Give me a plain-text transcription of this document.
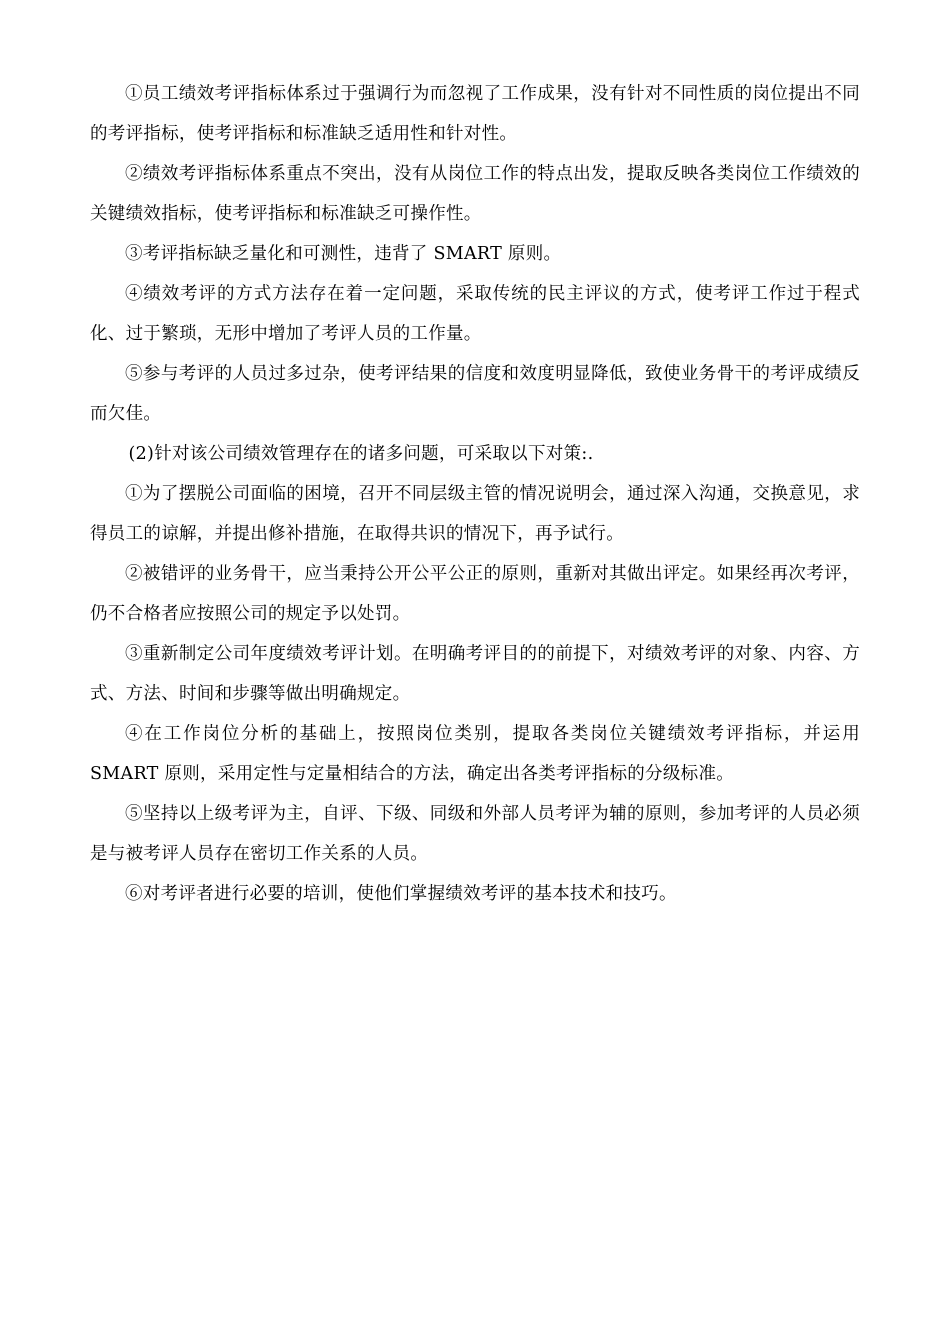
①员工绩效考评指标体系过于强调行为而忽视了工作成果，没有针对不同性质的岗位提出不同的考评指标，使考评指标和标准缺乏适用性和针对性。

②绩效考评指标体系重点不突出，没有从岗位工作的特点出发，提取反映各类岗位工作绩效的关键绩效指标，使考评指标和标准缺乏可操作性。

③考评指标缺乏量化和可测性，违背了 SMART 原则。

④绩效考评的方式方法存在着一定问题，采取传统的民主评议的方式，使考评工作过于程式化、过于繁琐，无形中增加了考评人员的工作量。

⑤参与考评的人员过多过杂，使考评结果的信度和效度明显降低，致使业务骨干的考评成绩反而欠佳。

(2)针对该公司绩效管理存在的诸多问题，可采取以下对策:.

①为了摆脱公司面临的困境，召开不同层级主管的情况说明会，通过深入沟通，交换意见，求得员工的谅解，并提出修补措施，在取得共识的情况下，再予试行。

②被错评的业务骨干，应当秉持公开公平公正的原则，重新对其做出评定。如果经再次考评，仍不合格者应按照公司的规定予以处罚。

③重新制定公司年度绩效考评计划。在明确考评目的的前提下，对绩效考评的对象、内容、方式、方法、时间和步骤等做出明确规定。

④在工作岗位分析的基础上，按照岗位类别，提取各类岗位关键绩效考评指标，并运用SMART 原则，采用定性与定量相结合的方法，确定出各类考评指标的分级标准。

⑤坚持以上级考评为主，自评、下级、同级和外部人员考评为辅的原则，参加考评的人员必须是与被考评人员存在密切工作关系的人员。

⑥对考评者进行必要的培训，使他们掌握绩效考评的基本技术和技巧。
